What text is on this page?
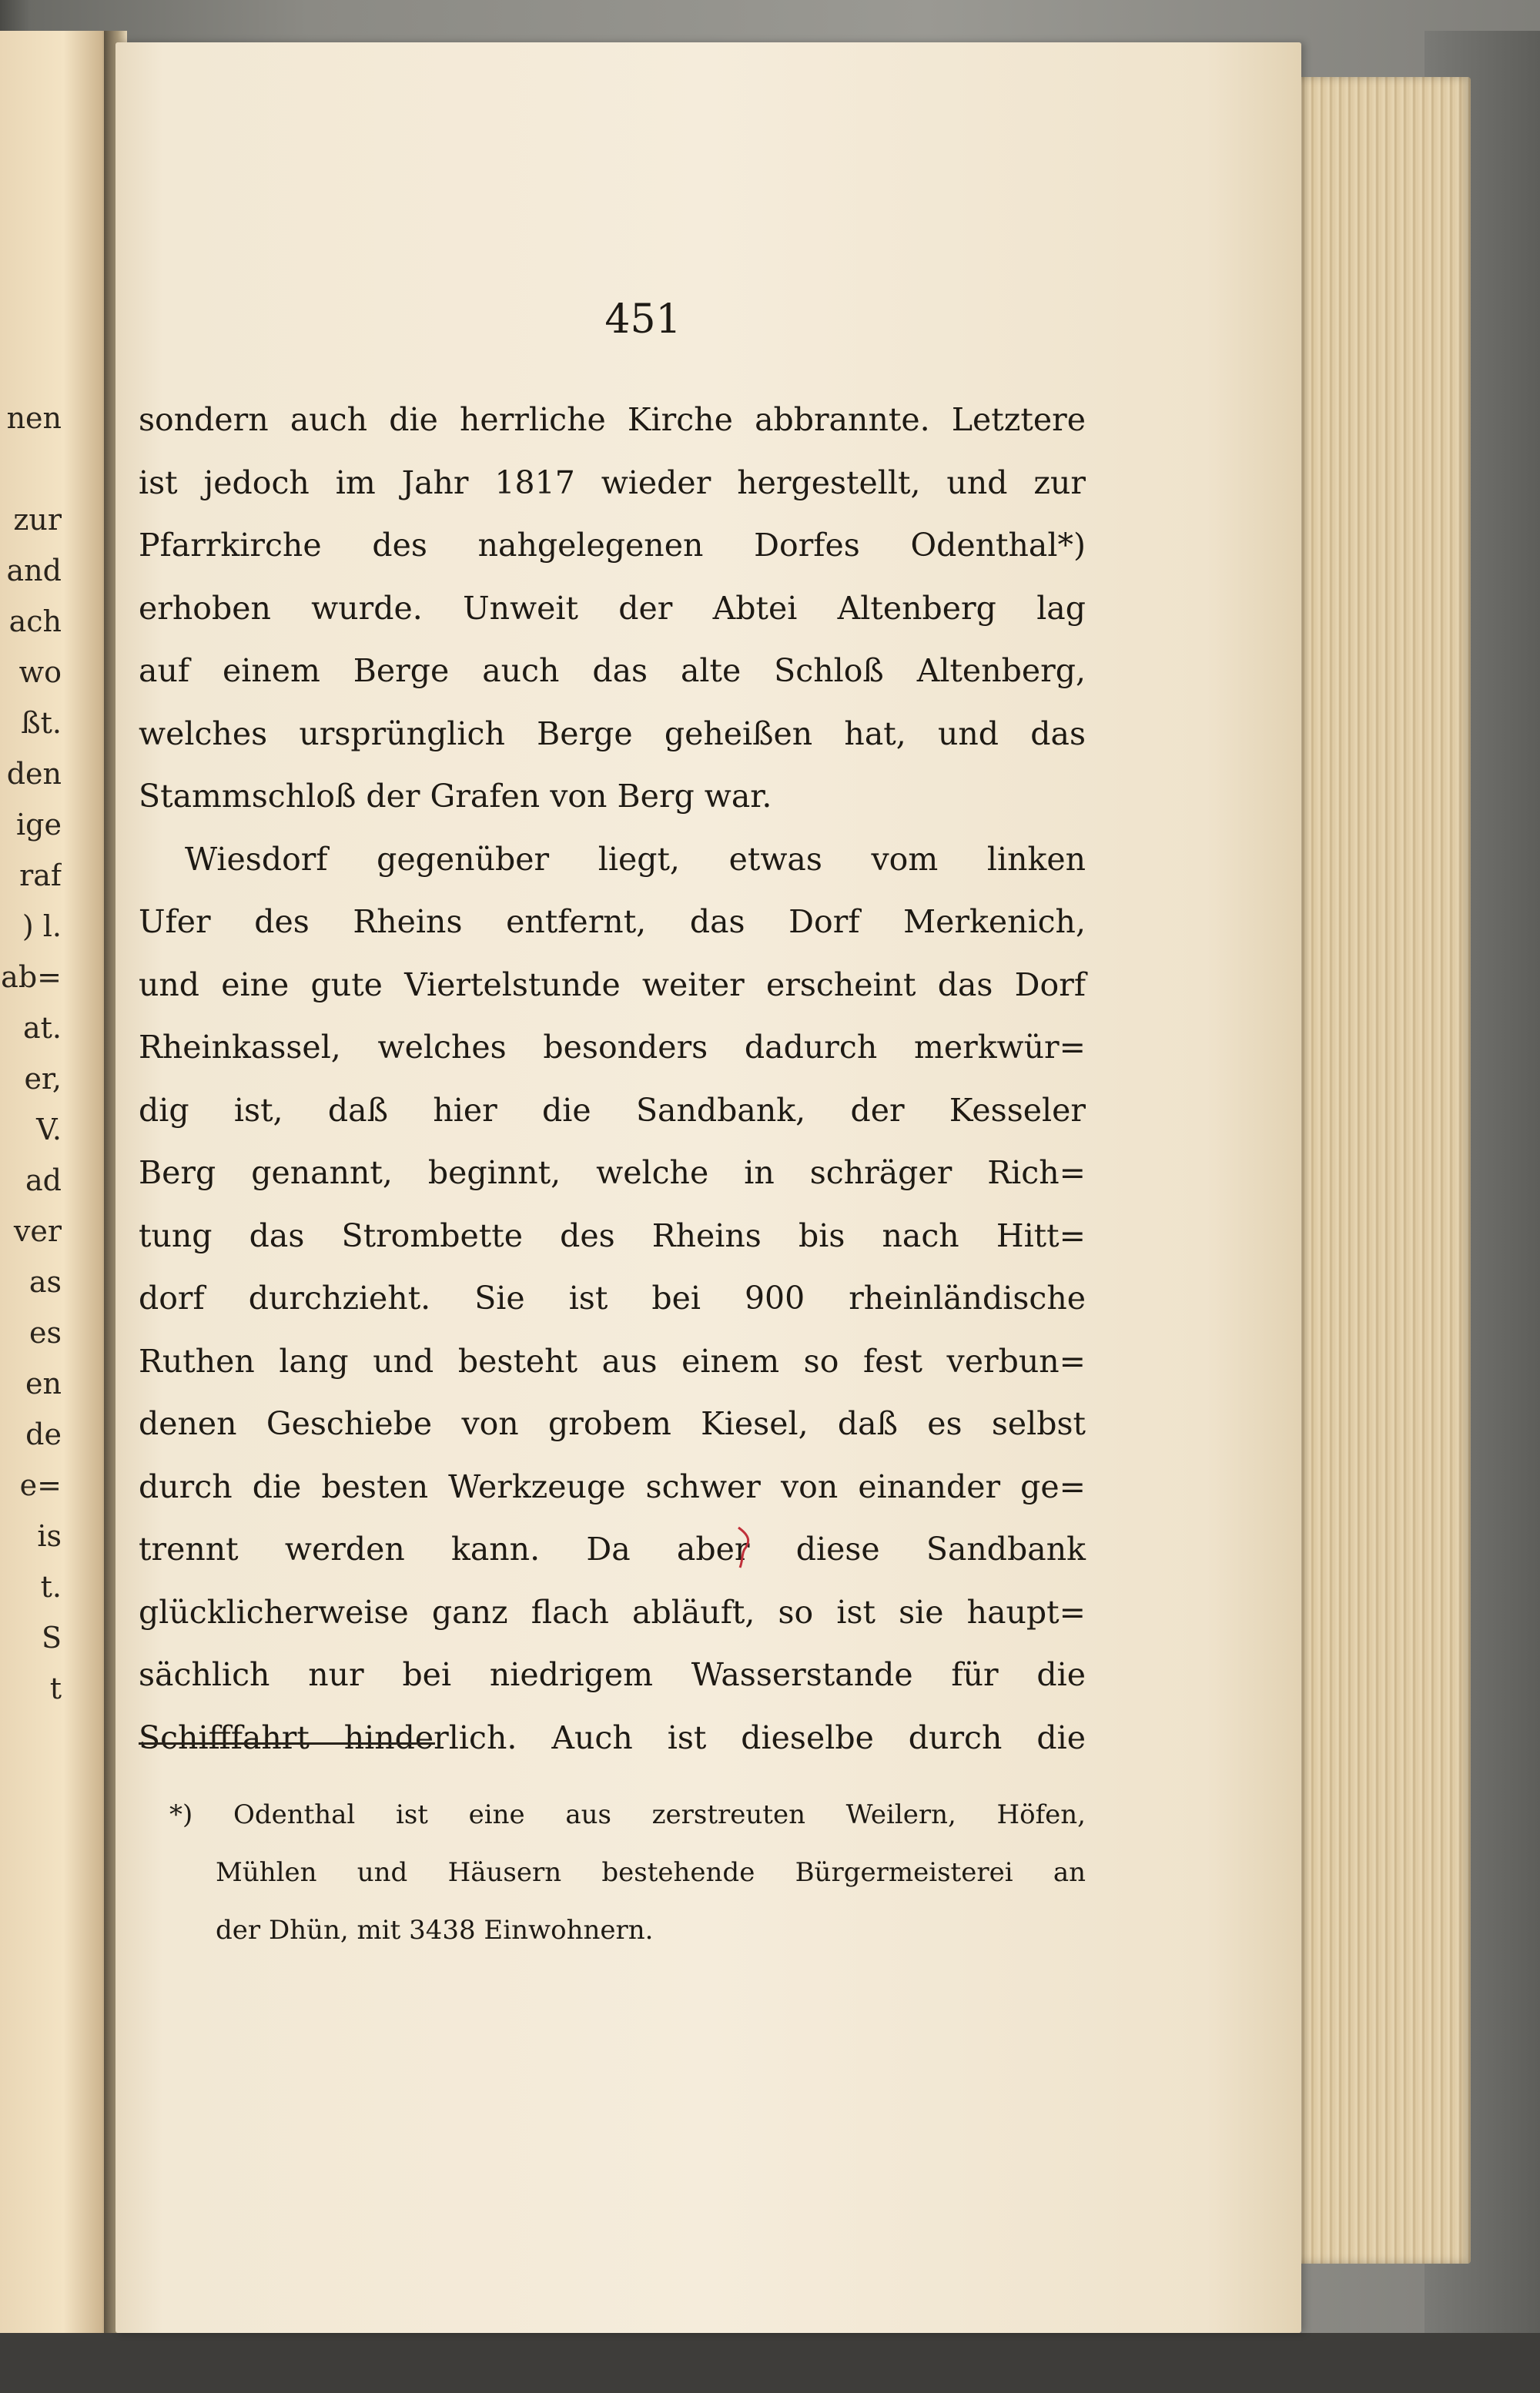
nen
zur
and
ach
wo
ßt.
den
ige
raf
) l.
ab=
at.
er,
V.
ad
ver
as
es
en
de
e=
is
t.
S
t
451
sondern auch die herrliche Kirche abbrannte. Letztere
ist jedoch im Jahr 1817 wieder hergestellt, und zur
Pfarrkirche des nahgelegenen Dorfes Odenthal*)
erhoben wurde. Unweit der Abtei Altenberg lag
auf einem Berge auch das alte Schloß Altenberg,
welches ursprünglich Berge geheißen hat, und das
Stammschloß der Grafen von Berg war.
Wiesdorf gegenüber liegt, etwas vom linken
Ufer des Rheins entfernt, das Dorf Merkenich,
und eine gute Viertelstunde weiter erscheint das Dorf
Rheinkassel, welches besonders dadurch merkwür=
dig ist, daß hier die Sandbank, der Kesseler
Berg genannt, beginnt, welche in schräger Rich=
tung das Strombette des Rheins bis nach Hitt=
dorf durchzieht. Sie ist bei 900 rheinländische
Ruthen lang und besteht aus einem so fest verbun=
denen Geschiebe von grobem Kiesel, daß es selbst
durch die besten Werkzeuge schwer von einander ge=
trennt werden kann. Da aber diese Sandbank
glücklicherweise ganz flach abläuft, so ist sie haupt=
sächlich nur bei niedrigem Wasserstande für die
Schifffahrt hinderlich. Auch ist dieselbe durch die
*) Odenthal ist eine aus zerstreuten Weilern, Höfen,
Mühlen und Häusern bestehende Bürgermeisterei an
der Dhün, mit 3438 Einwohnern.
